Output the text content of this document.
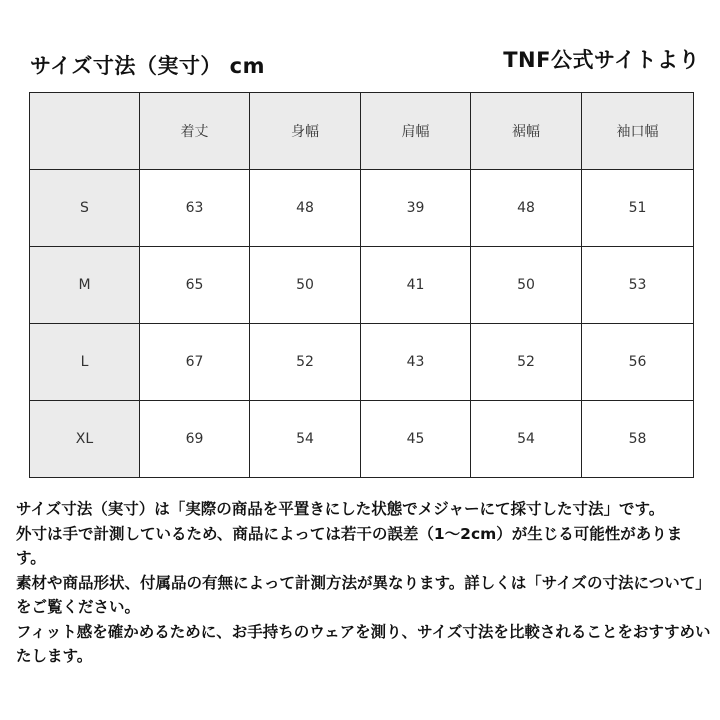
サイズ寸法（実寸） cm	TNF公式サイトより
	着丈	身幅	肩幅	裾幅	袖口幅
S	63	48	39	48	51
M	65	50	41	50	53
L	67	52	43	52	56
XL	69	54	45	54	58

サイズ寸法（実寸）は「実際の商品を平置きにした状態でメジャーにて採寸した寸法」です。

外寸は手で計測しているため、商品によっては若干の誤差（1〜2cm）が生じる可能性があります。

素材や商品形状、付属品の有無によって計測方法が異なります。詳しくは「サイズの寸法について」をご覧ください。

フィット感を確かめるために、お手持ちのウェアを測り、サイズ寸法を比較されることをおすすめいたします。
